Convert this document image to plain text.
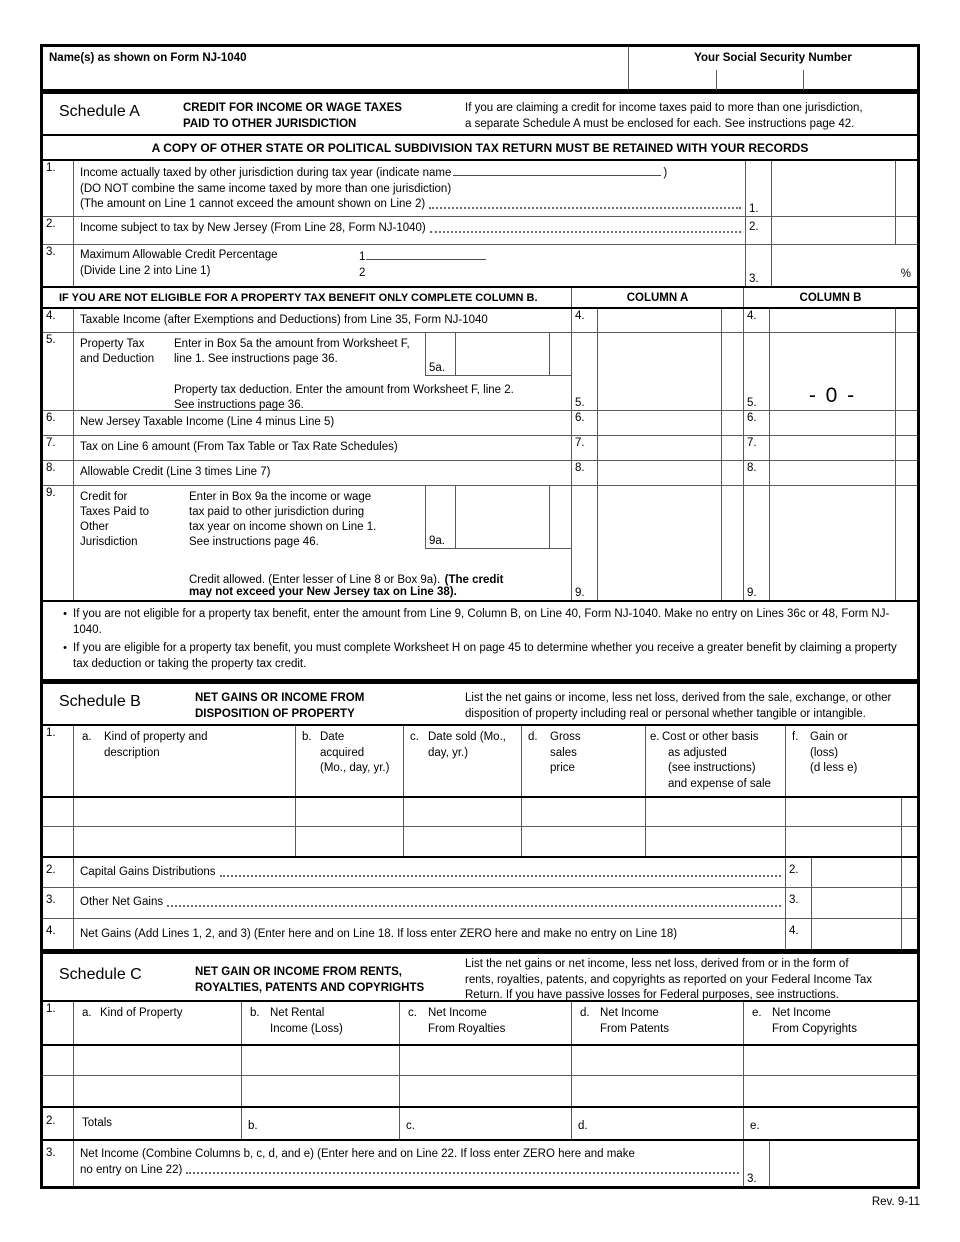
Name(s) as shown on Form NJ-1040	Your Social Security Number
Schedule A	CREDIT FOR INCOME OR WAGE TAXES
PAID TO OTHER JURISDICTION
If you are claiming a credit for income taxes paid to more than one jurisdiction,
a separate Schedule A must be enclosed for each. See instructions page 42.
A COPY OF OTHER STATE OR POLITICAL SUBDIVISION TAX RETURN MUST BE RETAINED WITH YOUR RECORDS
1.	Income actually taxed by other jurisdiction during tax year (indicate name	)
(DO NOT combine the same income taxed by more than one jurisdiction)
(The amount on Line 1 cannot exceed the amount shown on Line 2)	1.
2.	Income subject to tax by New Jersey (From Line 28, Form NJ-1040)	2.
3.	Maximum Allowable Credit Percentage
(Divide Line 2 into Line 1)
1
2
3.	%
IF YOU ARE NOT ELIGIBLE FOR A PROPERTY TAX BENEFIT ONLY COMPLETE COLUMN B.	COLUMN A	COLUMN B
4.	Taxable Income (after Exemptions and Deductions) from Line 35, Form NJ-1040	4.	4.
5.	Property Tax
and Deduction
Enter in Box 5a the amount from Worksheet F,
line 1. See instructions page 36.
5a.
Property tax deduction. Enter the amount from Worksheet F, line 2.
See instructions page 36.	5.	5.	- 0 -
6.	New Jersey Taxable Income (Line 4 minus Line 5)	6.	6.
7.	Tax on Line 6 amount (From Tax Table or Tax Rate Schedules)	7.	7.
8.	Allowable Credit (Line 3 times Line 7)	8.	8.
9.	Credit for
Taxes Paid to
Other
Jurisdiction
Enter in Box 9a the income or wage
tax paid to other jurisdiction during
tax year on income shown on Line 1.
See instructions page 46.	9a.
Credit allowed. (Enter lesser of Line 8 or Box 9a). (The credit
may not exceed your New Jersey tax on Line 38).	9.	9.
• If you are not eligible for a property tax benefit, enter the amount from Line 9, Column B, on Line 40, Form NJ-1040. Make no entry on Lines 36c or 48, Form NJ-1040.
• If you are eligible for a property tax benefit, you must complete Worksheet H on page 45 to determine whether you receive a greater benefit by claiming a property tax deduction or taking the property tax credit.
Schedule B	NET GAINS OR INCOME FROM
DISPOSITION OF PROPERTY
List the net gains or income, less net loss, derived from the sale, exchange, or other
disposition of property including real or personal whether tangible or intangible.
1.	a.	Kind of property and
description
b. Date
acquired
(Mo., day, yr.)
c. Date sold (Mo.,
day, yr.)
d.	Gross
sales
price
e. Cost or other basis
as adjusted
(see instructions)
and expense of sale
f.	Gain or
(loss)
(d less e)
2.	Capital Gains Distributions	2.
3.	Other Net Gains	3.
4.	Net Gains (Add Lines 1, 2, and 3) (Enter here and on Line 18. If loss enter ZERO here and make no entry on Line 18)	4.
Schedule C	NET GAIN OR INCOME FROM RENTS,
ROYALTIES, PATENTS AND COPYRIGHTS
List the net gains or net income, less net loss, derived from or in the form of
rents, royalties, patents, and copyrights as reported on your Federal Income Tax
Return. If you have passive losses for Federal purposes, see instructions.
1.	a. Kind of Property	b. Net Rental
Income (Loss)
c. Net Income
From Royalties
d. Net Income
From Patents
e. Net Income
From Copyrights
2.	Totals	b.	c.	d.	e.
3.	Net Income (Combine Columns b, c, d, and e) (Enter here and on Line 22. If loss enter ZERO here and make
no entry on Line 22)
3.
Rev. 9-11
